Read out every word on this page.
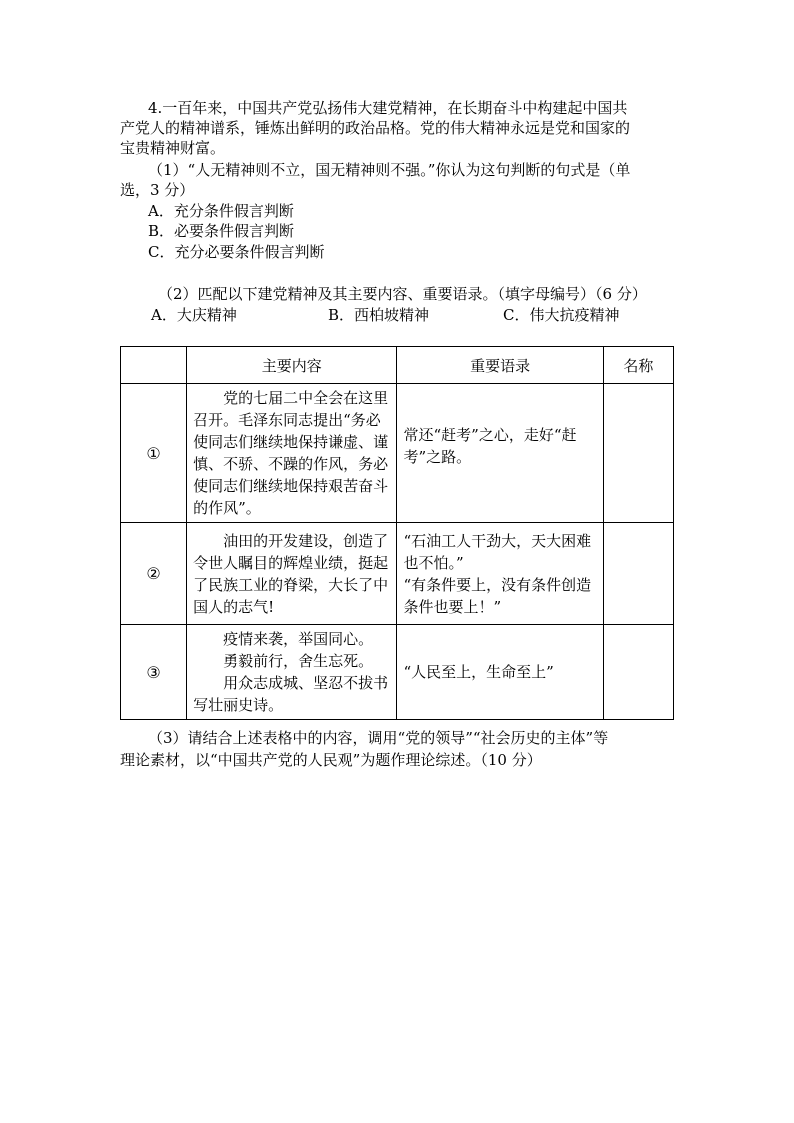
4.一百年来，中国共产党弘扬伟大建党精神，在长期奋斗中构建起中国共
产党人的精神谱系，锤炼出鲜明的政治品格。党的伟大精神永远是党和国家的
宝贵精神财富。
（1）“人无精神则不立，国无精神则不强。”你认为这句判断的句式是（单
选，3 分）
A．充分条件假言判断
B．必要条件假言判断
C．充分必要条件假言判断
（2）匹配以下建党精神及其主要内容、重要语录。（填字母编号）（6 分）
A．大庆精神	B．西柏坡精神	C．伟大抗疫精神
	主要内容	重要语录	名称
①	党的七届二中全会在这里召开。毛泽东同志提出“务必使同志们继续地保持谦虚、谨慎、不骄、不躁的作风，务必使同志们继续地保持艰苦奋斗的作风”。	常还“赶考”之心，走好“赶考”之路。	

②	油田的开发建设，创造了令世人瞩目的辉煌业绩，挺起了民族工业的脊梁，大长了中国人的志气!	“石油工人干劲大，天大困难也不怕。”

“有条件要上，没有条件创造条件也要上！”	

③	疫情来袭，举国同心。

勇毅前行，舍生忘死。

用众志成城、坚忍不拔书写壮丽史诗。	“人民至上，生命至上”	

（3）请结合上述表格中的内容，调用“党的领导”“社会历史的主体”等
理论素材，以“中国共产党的人民观”为题作理论综述。（10 分）
